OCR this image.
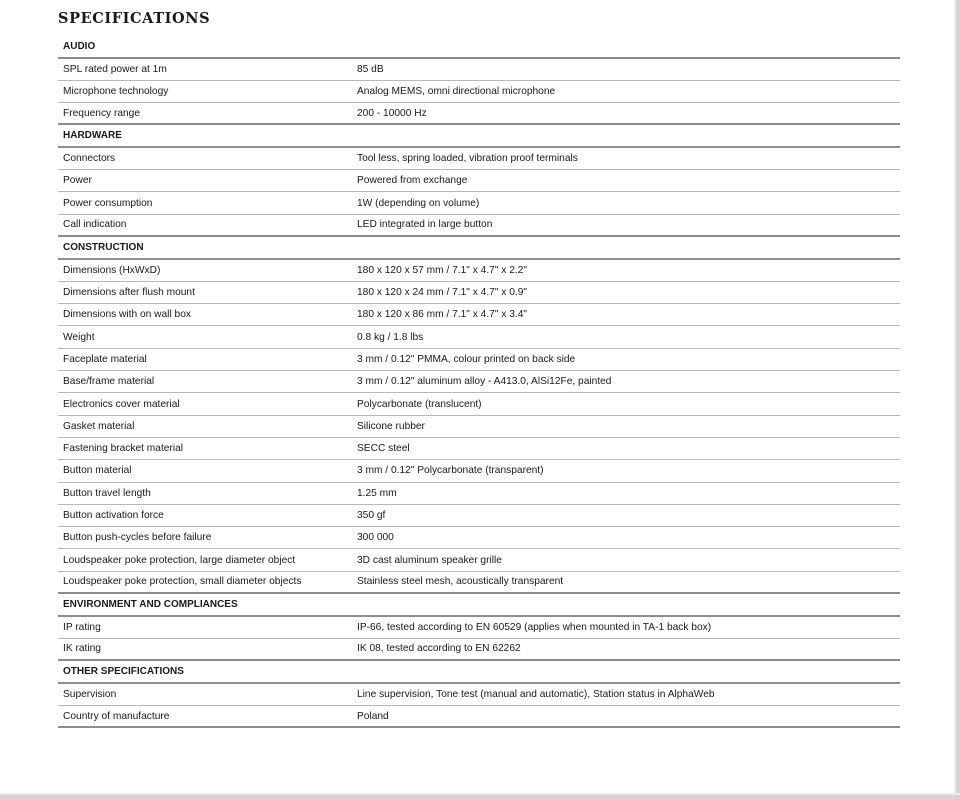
SPECIFICATIONS
AUDIO
SPL rated power at 1m	85 dB
Microphone technology	Analog MEMS, omni directional microphone
Frequency range	200 - 10000 Hz
HARDWARE
Connectors	Tool less, spring loaded, vibration proof terminals
Power	Powered from exchange
Power consumption	1W (depending on volume)
Call indication	LED integrated in large button
CONSTRUCTION
Dimensions (HxWxD)	180 x 120 x 57 mm / 7.1" x 4.7" x 2.2"
Dimensions after flush mount	180 x 120 x 24 mm / 7.1" x 4.7" x 0.9"
Dimensions with on wall box	180 x 120 x 86 mm / 7.1" x 4.7" x 3.4"
Weight	0.8 kg / 1.8 lbs
Faceplate material	3 mm / 0.12" PMMA, colour printed on back side
Base/frame material	3 mm / 0.12" aluminum alloy - A413.0, AlSi12Fe, painted
Electronics cover material	Polycarbonate (translucent)
Gasket material	Silicone rubber
Fastening bracket material	SECC steel
Button material	3 mm / 0.12" Polycarbonate (transparent)
Button travel length	1.25 mm
Button activation force	350 gf
Button push-cycles before failure	300 000
Loudspeaker poke protection, large diameter object	3D cast aluminum speaker grille
Loudspeaker poke protection, small diameter objects	Stainless steel mesh, acoustically transparent
ENVIRONMENT AND COMPLIANCES
IP rating	IP-66, tested according to EN 60529 (applies when mounted in TA-1 back box)
IK rating	IK 08, tested according to EN 62262
OTHER SPECIFICATIONS
Supervision	Line supervision, Tone test (manual and automatic), Station status in AlphaWeb
Country of manufacture	Poland
